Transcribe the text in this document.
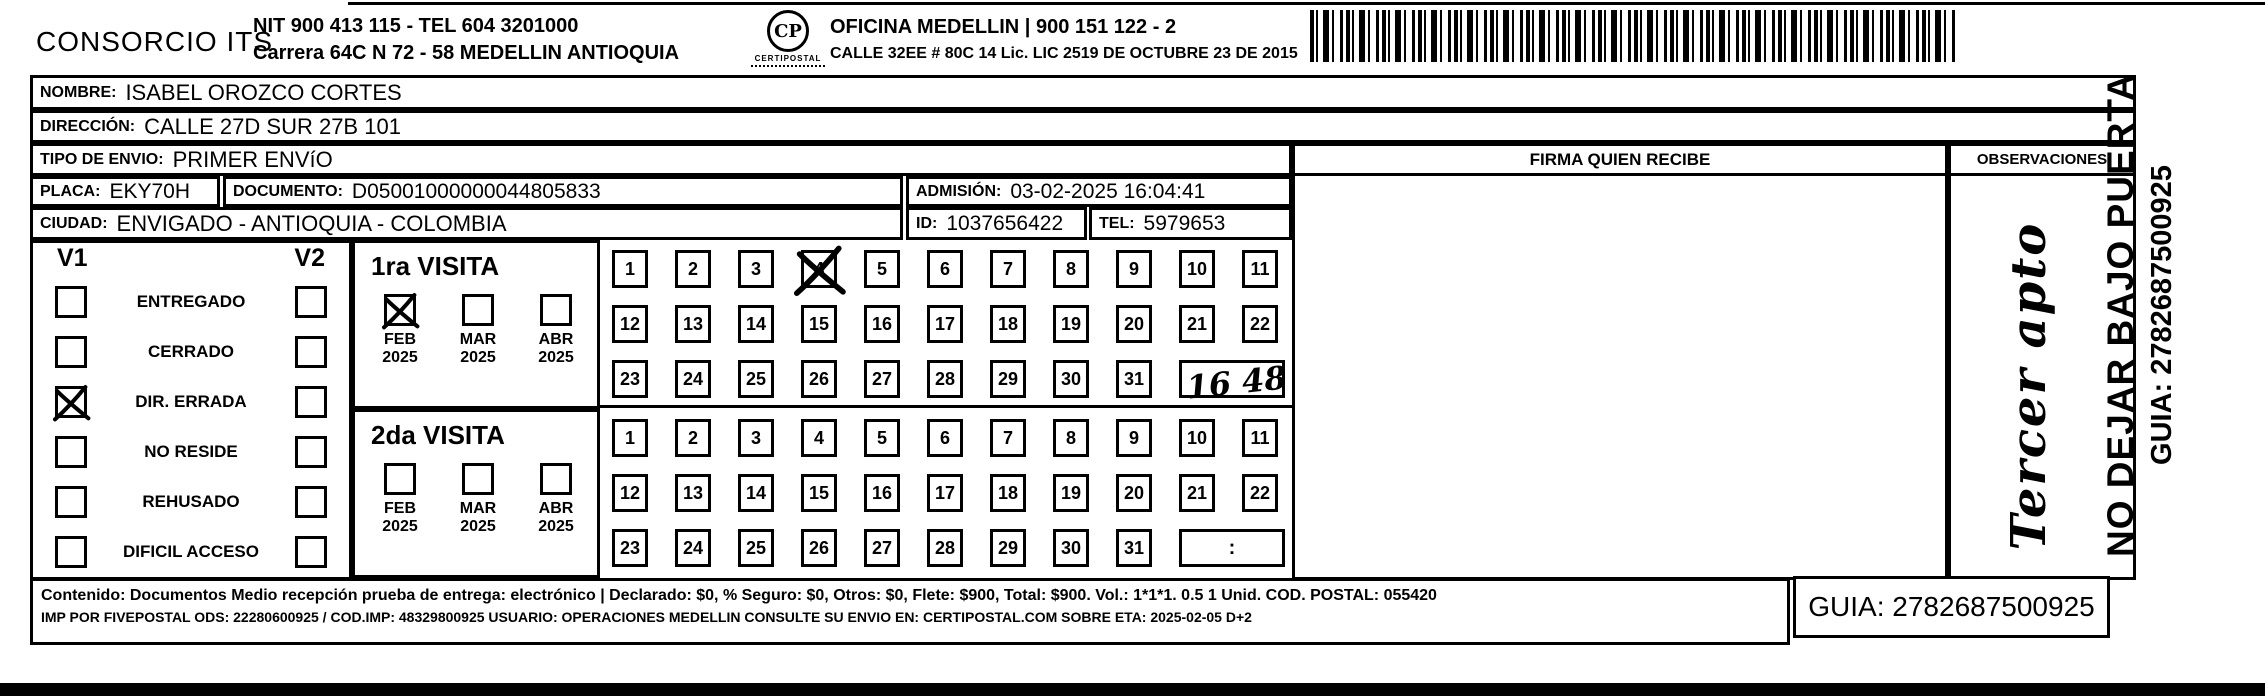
CONSORCIO ITS
NIT 900 413 115 - TEL 604 3201000
Carrera 64C N 72 - 58 MEDELLIN ANTIOQUIA
CP
CERTIPOSTAL
OFICINA MEDELLIN | 900 151 122 - 2
CALLE 32EE # 80C 14 Lic. LIC 2519 DE OCTUBRE 23 DE 2015
NOMBRE: ISABEL OROZCO CORTES
DIRECCIÓN: CALLE 27D SUR 27B 101
TIPO DE ENVIO: PRIMER ENVíO
PLACA: EKY70H	DOCUMENTO: D05001000000044805833	ADMISIÓN: 03-02-2025 16:04:41
CIUDAD: ENVIGADO - ANTIOQUIA - COLOMBIA	ID: 1037656422 TEL: 5979653
FIRMA QUIEN RECIBE	OBSERVACIONES
Tercer apto
V1	V2
ENTREGADO
CERRADO
DIR. ERRADA
NO RESIDE
REHUSADO
DIFICIL ACCESO
1ra VISITA
FEB
2025
MAR
2025
ABR
2025
2da VISITA
FEB
2025
MAR
2025
ABR
2025
1	2	3	4	5	6	7	8	9	10 11
12 13 14 15 16 17 18 19 20 21 22
23 24 25 26 27 28 29 30 31 16 48
1	2	3	4	5	6	7	8	9	10 11
12 13 14 15 16 17 18 19 20 21 22
23 24 25 26 27 28 29 30 31	:
Contenido: Documentos Medio recepción prueba de entrega: electrónico | Declarado: $0, % Seguro: $0, Otros: $0, Flete: $900, Total: $900. Vol.: 1*1*1. 0.5 1 Unid. COD. POSTAL: 055420
IMP POR FIVEPOSTAL ODS: 22280600925 / COD.IMP: 48329800925 USUARIO: OPERACIONES MEDELLIN CONSULTE SU ENVIO EN: CERTIPOSTAL.COM SOBRE ETA: 2025-02-05 D+2	GUIA: 2782687500925
NO DEJAR BAJO PUERTA GUIA: 2782687500925
